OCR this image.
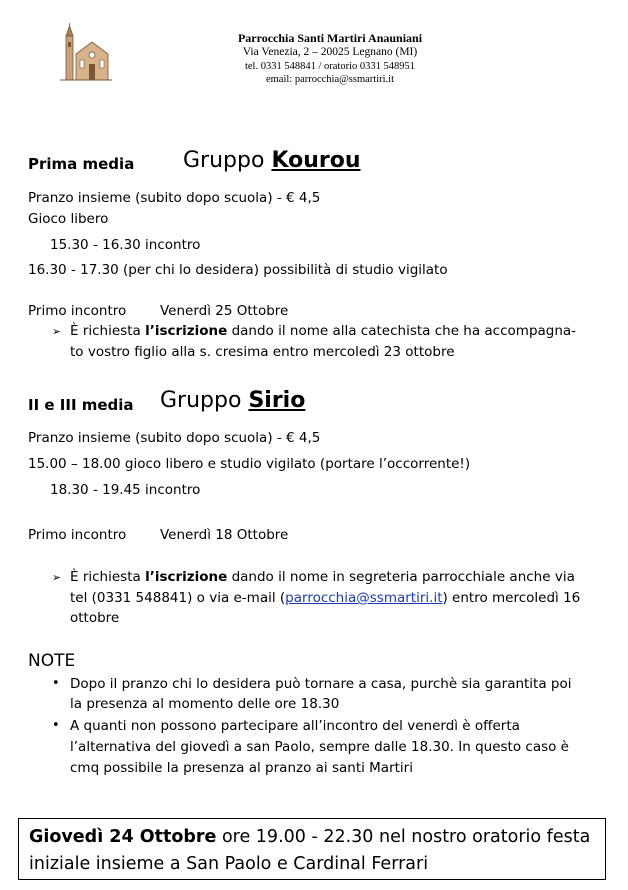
Parrocchia Santi Martiri Anauniani
Via Venezia, 2 – 20025 Legnano (MI)
tel. 0331 548841 / oratorio 0331 548951
email: parrocchia@ssmartiri.it
Prima media Gruppo Kourou
Pranzo insieme (subito dopo scuola) - € 4,5
Gioco libero
15.30 - 16.30 incontro
16.30 - 17.30 (per chi lo desidera) possibilità di studio vigilato
Primo incontro Venerdì 25 Ottobre
➢ È richiesta l’iscrizione dando il nome alla catechista che ha accompagna-
to vostro figlio alla s. cresima entro mercoledì 23 ottobre
II e III media Gruppo Sirio
Pranzo insieme (subito dopo scuola) - € 4,5
15.00 – 18.00 gioco libero e studio vigilato (portare l’occorrente!)
18.30 - 19.45 incontro
Primo incontro Venerdì 18 Ottobre
➢ È richiesta l’iscrizione dando il nome in segreteria parrocchiale anche via
tel (0331 548841) o via e-mail (parrocchia@ssmartiri.it) entro mercoledì 16
ottobre
NOTE
• Dopo il pranzo chi lo desidera può tornare a casa, purchè sia garantita poi
la presenza al momento delle ore 18.30
• A quanti non possono partecipare all’incontro del venerdì è offerta
l’alternativa del giovedì a san Paolo, sempre dalle 18.30. In questo caso è
cmq possibile la presenza al pranzo ai santi Martiri
Giovedì 24 Ottobre ore 19.00 - 22.30 nel nostro oratorio festa
iniziale insieme a San Paolo e Cardinal Ferrari
